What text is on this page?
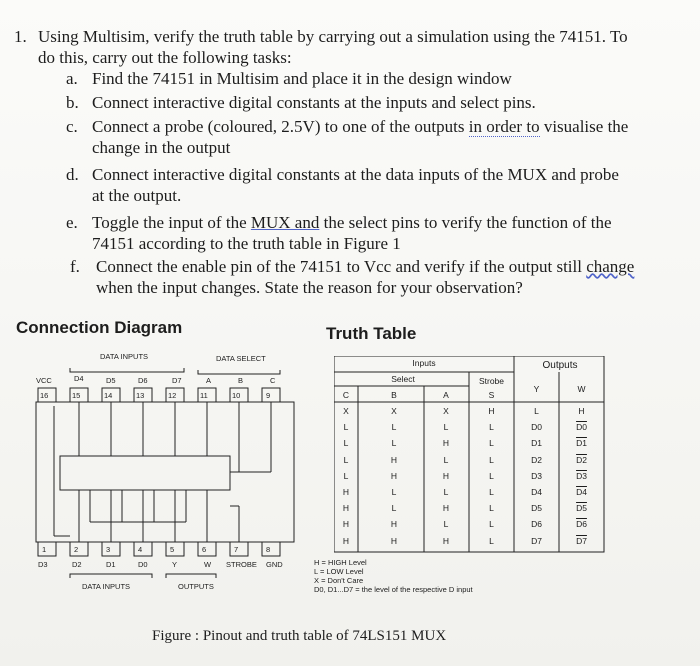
1. Using Multisim, verify the truth table by carrying out a simulation using the 74151. To
do this, carry out the following tasks:
a. Find the 74151 in Multisim and place it in the design window
b. Connect interactive digital constants at the inputs and select pins.
c. Connect a probe (coloured, 2.5V) to one of the outputs in order to visualise the
change in the output
d. Connect interactive digital constants at the data inputs of the MUX and probe
at the output.
e. Toggle the input of the MUX and the select pins to verify the function of the
74151 according to the truth table in Figure 1
f. Connect the enable pin of the 74151 to Vcc and verify if the output still change
when the input changes. State the reason for your observation?
Connection Diagram	Truth Table
DATA INPUTS	DATA SELECT
VCC	D4	D5	D6	D7	A	B	C
16	15	14	13	12	11	10	9
1	2	3	4	5	6	7	8
D3	D2	D1	D0	Y	W STROBE GND
DATA INPUTS	OUTPUTS
Inputs	Outputs
Select	Strobe
C	B	A	S
Y	W
X	X	X	H	L	H
L	L	L	L	D0	D0
L	L	H	L	D1	D1
L	H	L	L	D2	D2
L	H	H	L	D3	D3
H	L	L	L	D4	D4
H	L	H	L	D5	D5
H	H	L	L	D6	D6
H	H	H	L	D7	D7
H = HIGH Level
L = LOW Level
X = Don't Care
D0, D1...D7 = the level of the respective D input
Figure : Pinout and truth table of 74LS151 MUX
